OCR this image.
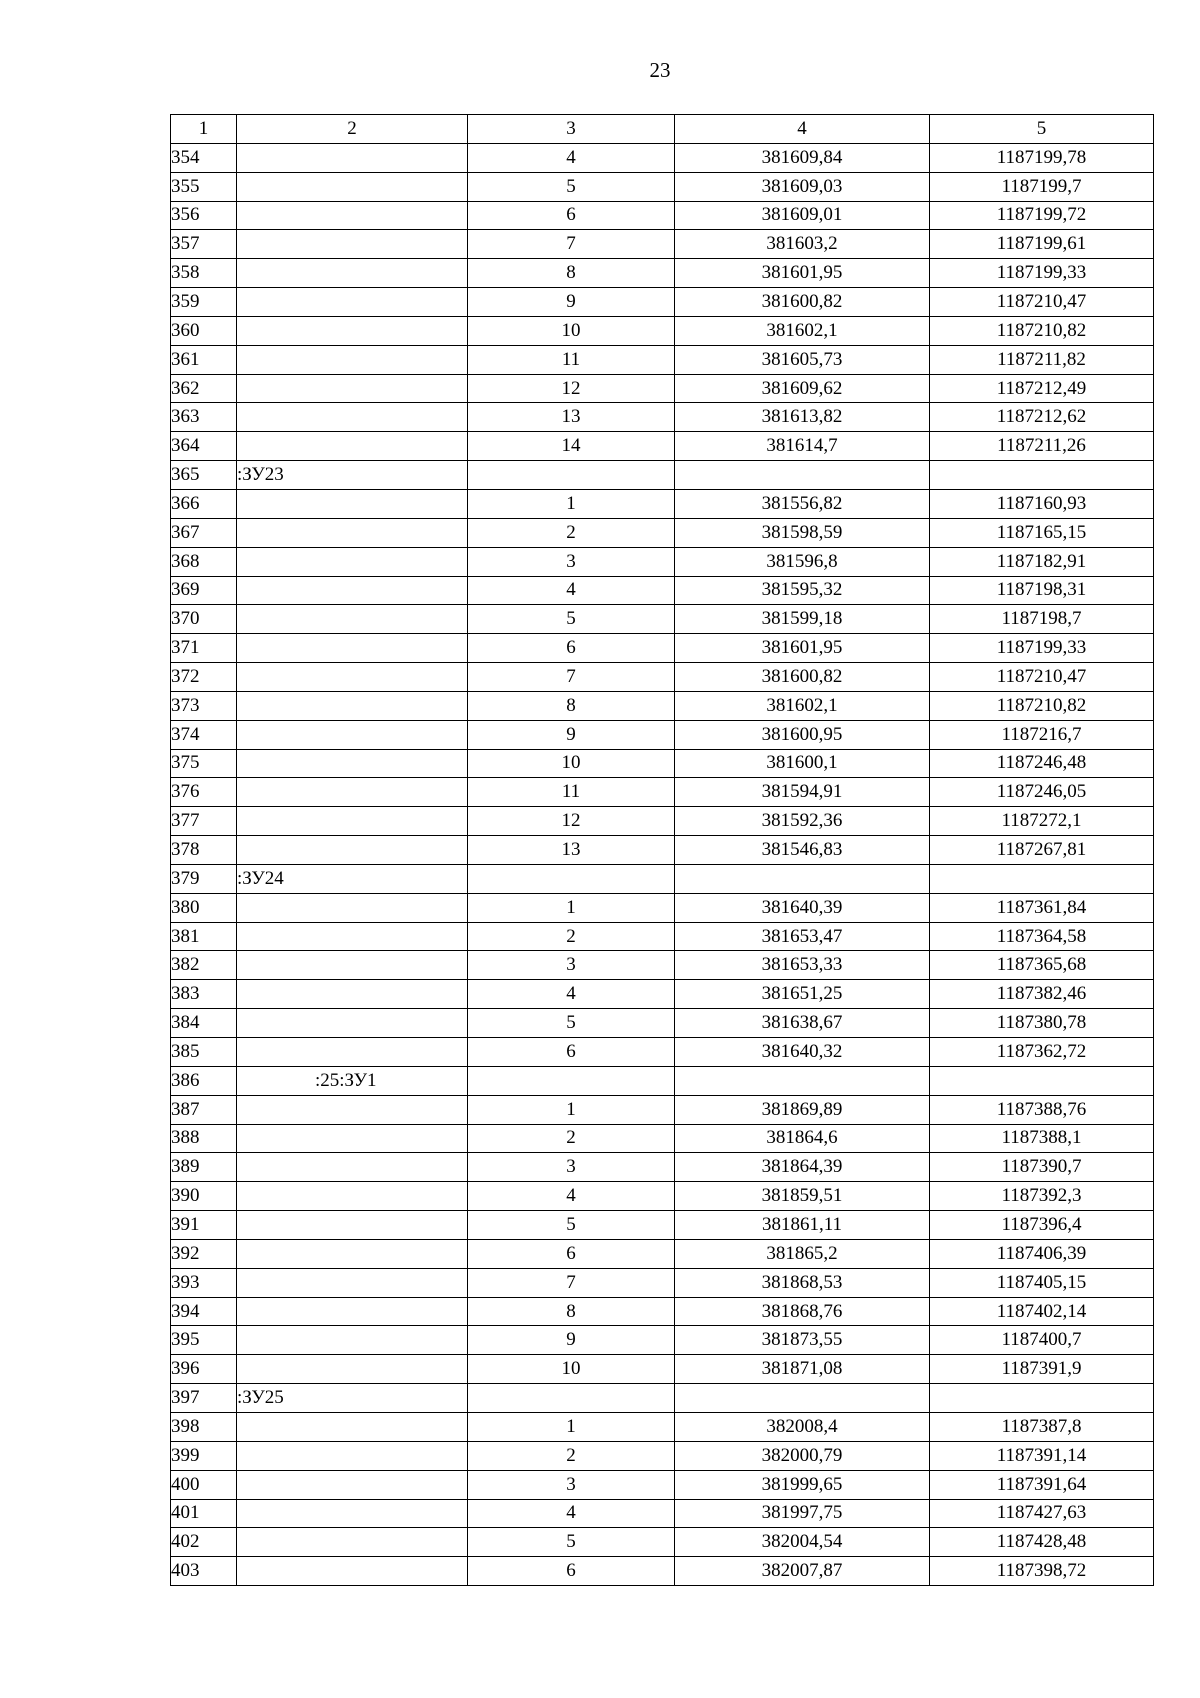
23
1	2	3	4	5
354		4	381609,84	1187199,78
355		5	381609,03	1187199,7
356		6	381609,01	1187199,72
357		7	381603,2	1187199,61
358		8	381601,95	1187199,33
359		9	381600,82	1187210,47
360		10	381602,1	1187210,82
361		11	381605,73	1187211,82
362		12	381609,62	1187212,49
363		13	381613,82	1187212,62
364		14	381614,7	1187211,26
365	:ЗУ23			
366		1	381556,82	1187160,93
367		2	381598,59	1187165,15
368		3	381596,8	1187182,91
369		4	381595,32	1187198,31
370		5	381599,18	1187198,7
371		6	381601,95	1187199,33
372		7	381600,82	1187210,47
373		8	381602,1	1187210,82
374		9	381600,95	1187216,7
375		10	381600,1	1187246,48
376		11	381594,91	1187246,05
377		12	381592,36	1187272,1
378		13	381546,83	1187267,81
379	:ЗУ24			
380		1	381640,39	1187361,84
381		2	381653,47	1187364,58
382		3	381653,33	1187365,68
383		4	381651,25	1187382,46
384		5	381638,67	1187380,78
385		6	381640,32	1187362,72
386	:25:ЗУ1			
387		1	381869,89	1187388,76
388		2	381864,6	1187388,1
389		3	381864,39	1187390,7
390		4	381859,51	1187392,3
391		5	381861,11	1187396,4
392		6	381865,2	1187406,39
393		7	381868,53	1187405,15
394		8	381868,76	1187402,14
395		9	381873,55	1187400,7
396		10	381871,08	1187391,9
397	:ЗУ25			
398		1	382008,4	1187387,8
399		2	382000,79	1187391,14
400		3	381999,65	1187391,64
401		4	381997,75	1187427,63
402		5	382004,54	1187428,48
403		6	382007,87	1187398,72
